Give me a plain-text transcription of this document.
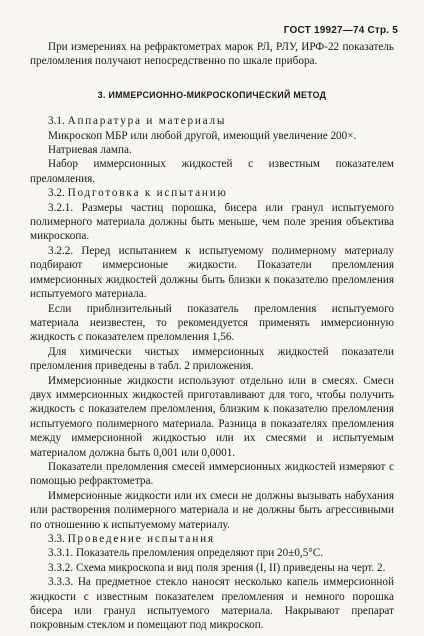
ГОСТ 19927—74 Стр. 5

При измерениях на рефрактометрах марок РЛ, РЛУ, ИРФ-22 показатель преломления получают непосредственно по шкале прибора.

3. ИММЕРСИОННО-МИКРОСКОПИЧЕСКИЙ МЕТОД

3.1. Аппаратура и материалы

Микроскоп МБР или любой другой, имеющий увеличение 200×.

Натриевая лампа.

Набор иммерсионных жидкостей с известным показателем преломления.

3.2. Подготовка к испытанию

3.2.1. Размеры частиц порошка, бисера или гранул испытуемого полимерного материала должны быть меньше, чем поле зрения объектива микроскопа.

3.2.2. Перед испытанием к испытуемому полимерному материалу подбирают иммерсионые жидкости. Показатели преломления иммерсионных жидкостей должны быть близки к показателю преломления испытуемого материала.

Если приблизительный показатель преломления испытуемого материала неизвестен, то рекомендуется применять иммерсионную жидкость с показателем преломления 1,56.

Для химически чистых иммерсионных жидкостей показатели преломления приведены в табл. 2 приложения.

Иммерсионные жидкости используют отдельно или в смесях. Смеси двух иммерсионных жидкостей приготавливают для того, чтобы получить жидкость с показателем преломления, близким к показателю преломления испытуемого полимерного материала. Разница в показателях преломления между иммерсионной жидкостью или их смесями и испытуемым материалом должна быть 0,001 или 0,0001.

Показатели преломления смесей иммерсионных жидкостей измеряют с помощью рефрактометра.

Иммерсионные жидкости или их смеси не должны вызывать набухания или растворения полимерного материала и не должны быть агрессивными по отношению к испытуемому материалу.

3.3. Проведение испытания

3.3.1. Показатель преломления определяют при 20±0,5°С.

3.3.2. Схема микроскопа и вид поля зрения (I, II) приведены на черт. 2.

3.3.3. На предметное стекло наносят несколько капель иммерсионной жидкости с известным показателем преломления и немного порошка бисера или гранул испытуемого материала. Накрывают препарат покровным стеклом и помещают под микроскоп.
